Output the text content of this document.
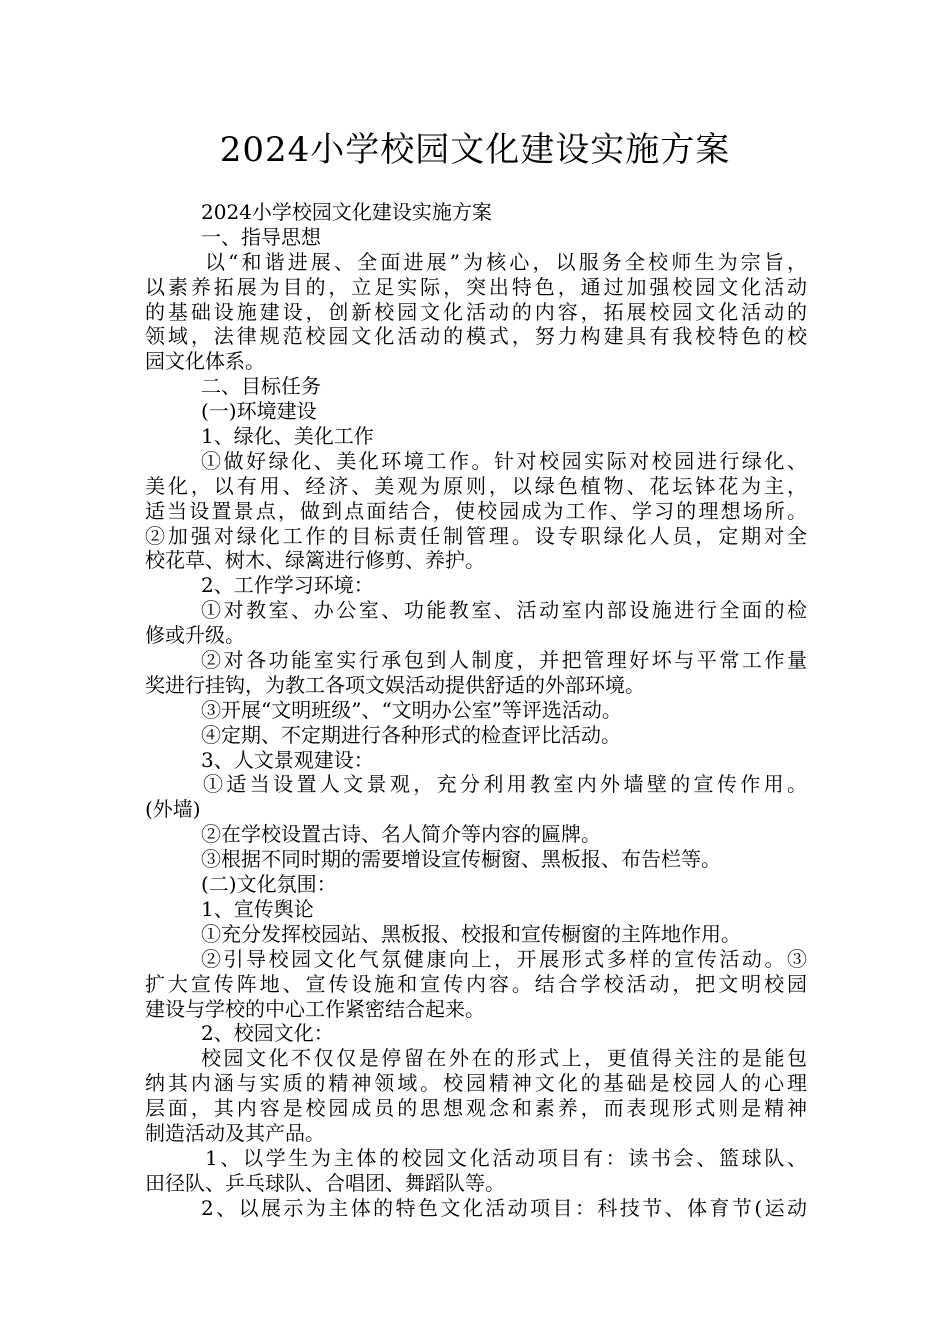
2024小学校园文化建设实施方案
2024小学校园文化建设实施方案
一、指导思想
以“和谐进展、全面进展”为核心，以服务全校师生为宗旨，
以素养拓展为目的，立足实际，突出特色，通过加强校园文化活动
的基础设施建设，创新校园文化活动的内容，拓展校园文化活动的
领域，法律规范校园文化活动的模式，努力构建具有我校特色的校
园文化体系。
二、目标任务
(一)环境建设
1、绿化、美化工作
①做好绿化、美化环境工作。针对校园实际对校园进行绿化、
美化，以有用、经济、美观为原则，以绿色植物、花坛钵花为主，
适当设置景点，做到点面结合，使校园成为工作、学习的理想场所。
②加强对绿化工作的目标责任制管理。设专职绿化人员，定期对全
校花草、树木、绿篱进行修剪、养护。
2、工作学习环境：
①对教室、办公室、功能教室、活动室内部设施进行全面的检
修或升级。
②对各功能室实行承包到人制度，并把管理好坏与平常工作量
奖进行挂钩，为教工各项文娱活动提供舒适的外部环境。
③开展“文明班级”、“文明办公室”等评选活动。
④定期、不定期进行各种形式的检查评比活动。
3、人文景观建设：
①适当设置人文景观，充分利用教室内外墙壁的宣传作用。
(外墙)
②在学校设置古诗、名人简介等内容的匾牌。
③根据不同时期的需要增设宣传橱窗、黑板报、布告栏等。
(二)文化氛围：
1、宣传舆论
①充分发挥校园站、黑板报、校报和宣传橱窗的主阵地作用。
②引导校园文化气氛健康向上，开展形式多样的宣传活动。③
扩大宣传阵地、宣传设施和宣传内容。结合学校活动，把文明校园
建设与学校的中心工作紧密结合起来。
2、校园文化：
校园文化不仅仅是停留在外在的形式上，更值得关注的是能包
纳其内涵与实质的精神领域。校园精神文化的基础是校园人的心理
层面，其内容是校园成员的思想观念和素养，而表现形式则是精神
制造活动及其产品。
1、以学生为主体的校园文化活动项目有：读书会、篮球队、
田径队、乒乓球队、合唱团、舞蹈队等。
2、以展示为主体的特色文化活动项目：科技节、体育节(运动
